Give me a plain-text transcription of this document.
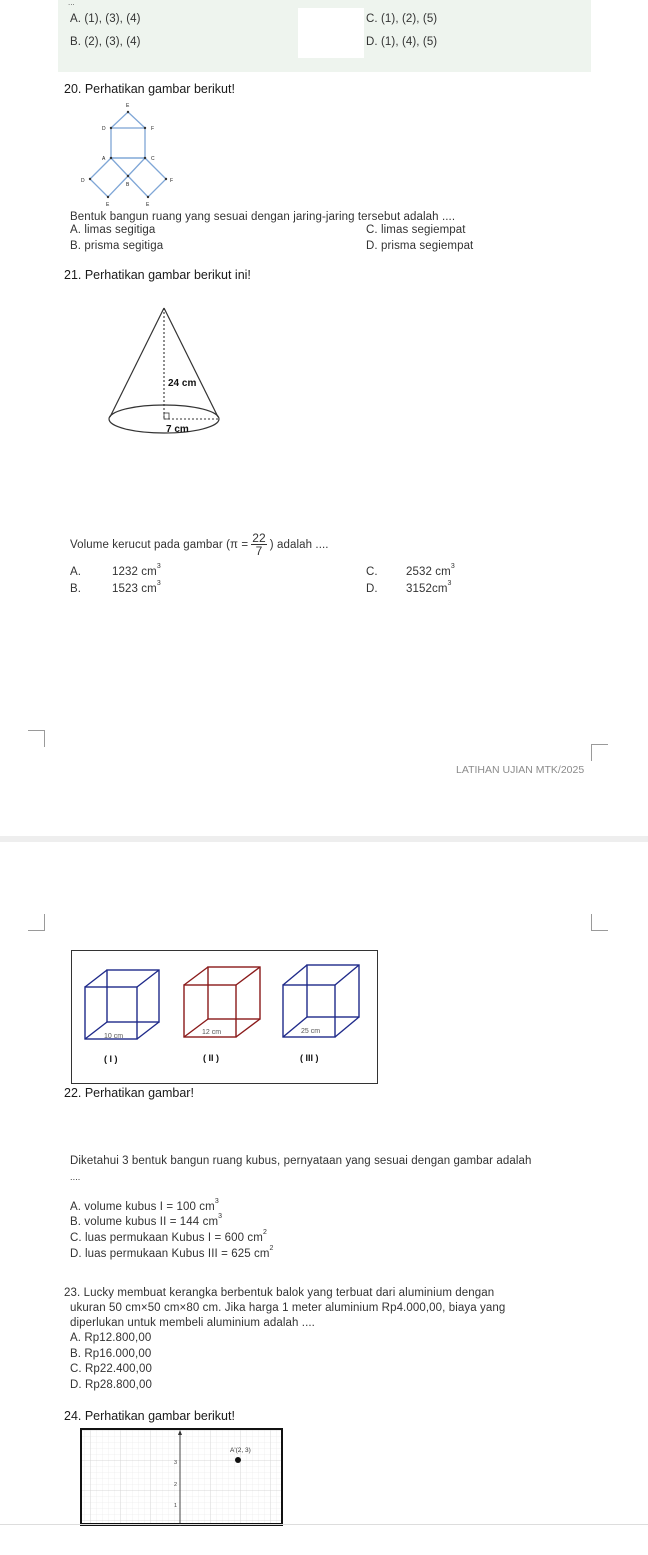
...
A. (1), (3), (4)
B. (2), (3), (4)
C. (1), (2), (5)
D. (1), (4), (5)
20. Perhatikan gambar berikut!
E
D	F
A	C
D
B
F
E	E
Bentuk bangun ruang yang sesuai dengan jaring-jaring tersebut adalah ....
A. limas segitiga
B. prisma segitiga
C. limas segiempat
D. prisma segiempat
21. Perhatikan gambar berikut ini!
24 cm
7 cm
Volume kerucut pada gambar ($\pi = \frac{22}{7}$ ) adalah ....
A.	1232 $cm^3$
B.	1523 $cm^3$
C. 2532 $cm^3$
D. $3152cm^3$
LATIHAN UJIAN MTK/2025
10 cm
12 cm	25 cm
( I )	( II )	( III )
22. Perhatikan gambar!
Diketahui 3 bentuk bangun ruang kubus, pernyataan yang sesuai dengan gambar adalah
....
A. volume kubus I = 100 $cm^3$
B. volume kubus II = 144 $cm^3$
C. luas permukaan Kubus I = 600 $cm^2$
D. luas permukaan Kubus III = 625 $cm^2$
23. Lucky membuat kerangka berbentuk balok yang terbuat dari aluminium dengan
ukuran 50 cm×50 cm×80 cm. Jika harga 1 meter aluminium Rp4.000,00, biaya yang
diperlukan untuk membeli aluminium adalah ....
A. Rp12.800,00
B. Rp16.000,00
C. Rp22.400,00
D. Rp28.800,00
24. Perhatikan gambar berikut!
3
2
1
A'(2, 3)
